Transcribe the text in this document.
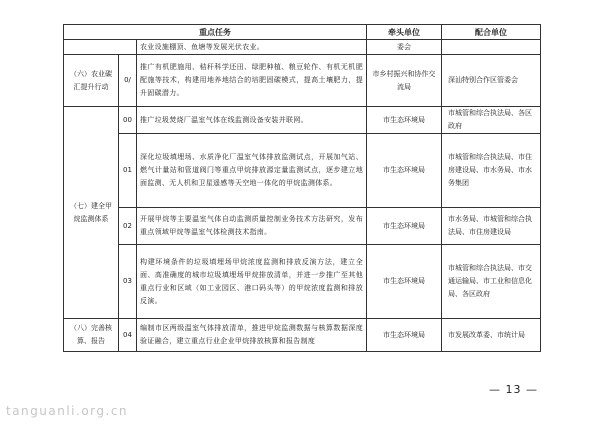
重点任务			牵头单位	配合单位
		农业设施棚顶、鱼塘等发展光伏农业。	委会	
（六）农业碳汇提升行动	0/	推广有机肥施用、秸秆科学还田、绿肥种植、粮豆轮作、有机无机肥配施等技术，构建用地养地结合的培肥固碳模式，提高土壤肥力，提升固碳潜力。	市乡村振兴和协作交流局	深汕特别合作区管委会
（七）建全甲烷监测体系	00	推广垃圾焚烧厂温室气体在线监测设备安装并联网。	市生态环境局	市城管和综合执法局、各区政府
	01	深化垃圾填埋场、水质净化厂温室气体排放监测试点，开展加气站、燃气计量站和管道阀门等重点甲烷排放源定量监测试点，逐步建立地面监测、无人机和卫星遥感等天空地一体化的甲烷监测体系。	市生态环境局	市城管和综合执法局、市住房建设局、市水务局、市水务集团
	02	开展甲烷等主要温室气体自动监测质量控制业务技术方法研究，发布重点领域甲烷等温室气体检测技术指南。	市生态环境局	市水务局、市城管和综合执法局、市住房建设局
	03	构建环境条件的垃圾填埋场甲烷浓度监测和排放反演方法，建立全面、高准确度的城市垃圾填埋场甲烷排放清单，并进一步推广至其他重点行业和区域（如工业园区、港口码头等）的甲烷浓度监测和排放反演。	市生态环境局	市城管和综合执法局、市交通运输局、市工业和信息化局、各区政府
（八）完善核算、报告	04	编制市区两级温室气体排放清单，推进甲烷监测数据与核算数据深度验证融合，建立重点行业企业甲烷排放核算和报告制度	市生态环境局	市发展改革委、市统计局
— 13 —
tanguanli.org.cn
